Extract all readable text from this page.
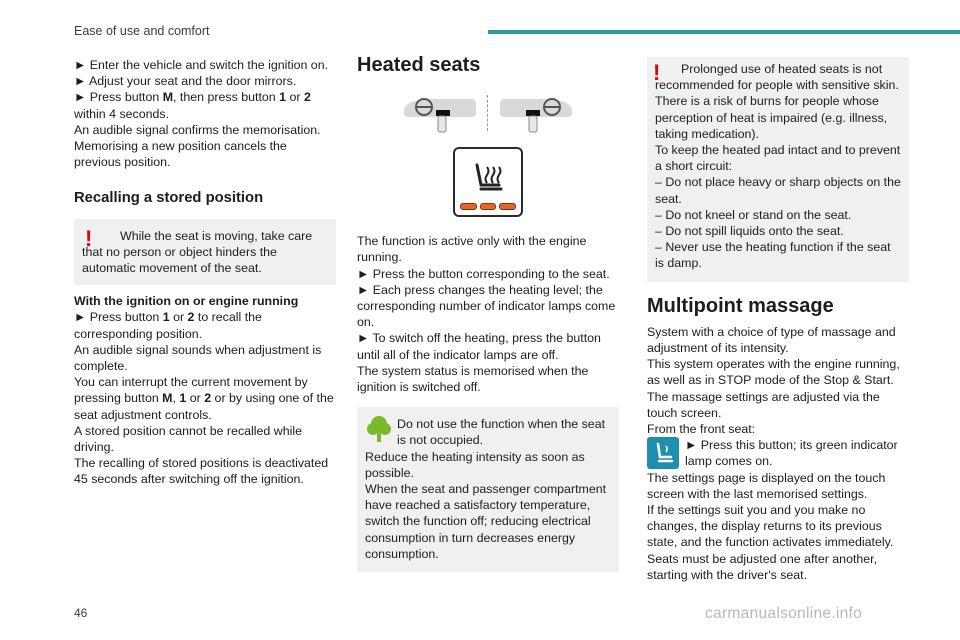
Ease of use and comfort

► Enter the vehicle and switch the ignition on.

► Adjust your seat and the door mirrors.

► Press button M, then press button 1 or 2
within 4 seconds.

An audible signal confirms the memorisation.

Memorising a new position cancels the previous position.

Recalling a stored position
!	While the seat is moving, take care that no person or object hinders the automatic movement of the seat.

With the ignition on or engine running

► Press button 1 or 2 to recall the corresponding position.

An audible signal sounds when adjustment is complete.

You can interrupt the current movement by pressing button M, 1 or 2 or by using one of the seat adjustment controls.

A stored position cannot be recalled while driving.

The recalling of stored positions is deactivated 45 seconds after switching off the ignition.

Heated seats

The function is active only with the engine running.

► Press the button corresponding to the seat.

► Each press changes the heating level; the corresponding number of indicator lamps come on.

► To switch off the heating, press the button until all of the indicator lamps are off.

The system status is memorised when the ignition is switched off.

Do not use the function when the seat is not occupied.

Reduce the heating intensity as soon as possible.

When the seat and passenger compartment have reached a satisfactory temperature, switch the function off; reducing electrical consumption in turn decreases energy consumption.

!	Prolonged use of heated seats is not recommended for people with sensitive skin.

There is a risk of burns for people whose perception of heat is impaired (e.g. illness, taking medication).

To keep the heated pad intact and to prevent a short circuit:

– Do not place heavy or sharp objects on the seat.

– Do not kneel or stand on the seat.

– Do not spill liquids onto the seat.

– Never use the heating function if the seat is damp.

Multipoint massage

System with a choice of type of massage and adjustment of its intensity.

This system operates with the engine running, as well as in STOP mode of the Stop & Start.

The massage settings are adjusted via the touch screen.

From the front seat:

► Press this button; its green indicator lamp comes on.

The settings page is displayed on the touch screen with the last memorised settings.

If the settings suit you and you make no changes, the display returns to its previous state, and the function activates immediately.

Seats must be adjusted one after another, starting with the driver's seat.

46	carmanualsonline.info
